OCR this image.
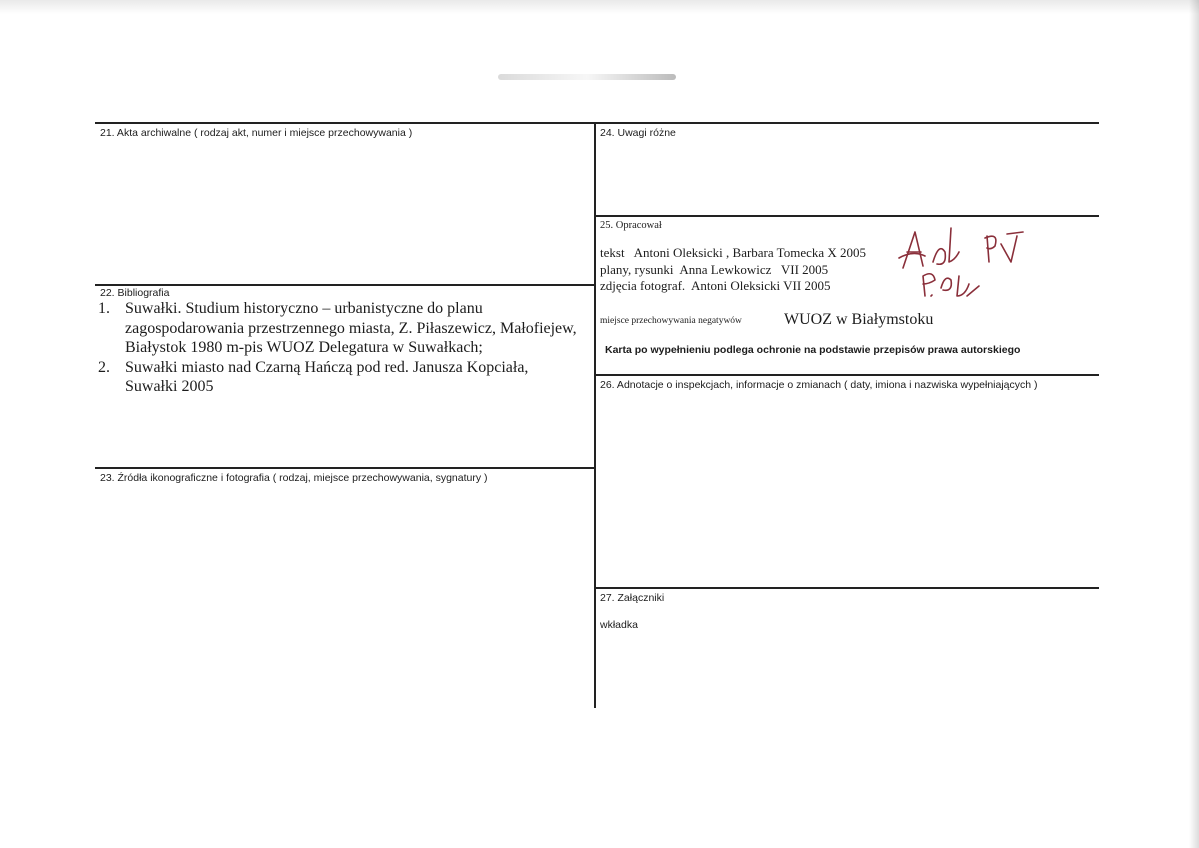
21. Akta archiwalne ( rodzaj akt, numer i miejsce przechowywania )
22. Bibliografia
1. Suwałki. Studium historyczno – urbanistyczne do planu zagospodarowania przestrzennego miasta, Z. Piłaszewicz, Małofiejew, Białystok 1980 m-pis WUOZ Delegatura w Suwałkach;
2. Suwałki miasto nad Czarną Hańczą pod red. Janusza Kopciała, Suwałki 2005
23. Źródła ikonograficzne i fotografia ( rodzaj, miejsce przechowywania, sygnatury )
24. Uwagi różne
25. Opracował
tekst   Antoni Oleksicki , Barbara Tomecka X 2005
plany, rysunki  Anna Lewkowicz   VII 2005
zdjęcia fotograf.  Antoni Oleksicki VII 2005
miejsce przechowywania negatywów	WUOZ w Białymstoku
Karta po wypełnieniu podlega ochronie na podstawie przepisów prawa autorskiego
26. Adnotacje o inspekcjach, informacje o zmianach ( daty, imiona i nazwiska wypełniających )
27. Załączniki
wkładka
